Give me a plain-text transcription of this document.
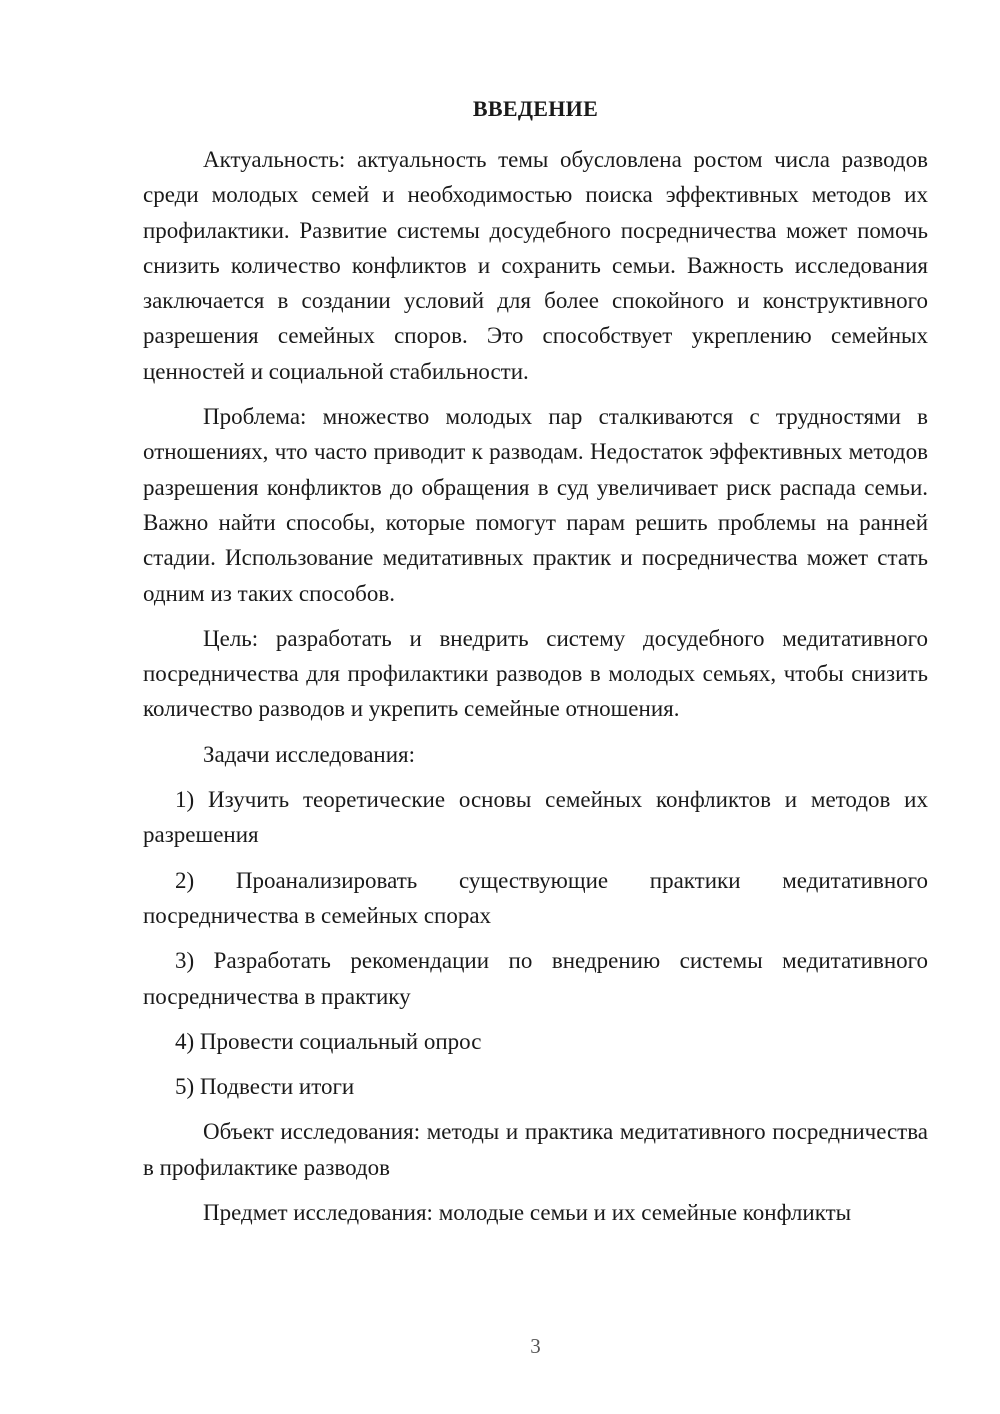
ВВЕДЕНИЕ

Актуальность: актуальность темы обусловлена ростом числа разводов среди молодых семей и необходимостью поиска эффективных методов их профилактики. Развитие системы досудебного посредничества может помочь снизить количество конфликтов и сохранить семьи. Важность исследования заключается в создании условий для более спокойного и конструктивного разрешения семейных споров. Это способствует укреплению семейных ценностей и социальной стабильности.

Проблема: множество молодых пар сталкиваются с трудностями в отношениях, что часто приводит к разводам. Недостаток эффективных методов разрешения конфликтов до обращения в суд увеличивает риск распада семьи. Важно найти способы, которые помогут парам решить проблемы на ранней стадии. Использование медитативных практик и посредничества может стать одним из таких способов.

Цель: разработать и внедрить систему досудебного медитативного посредничества для профилактики разводов в молодых семьях, чтобы снизить количество разводов и укрепить семейные отношения.

Задачи исследования:

1) Изучить теоретические основы семейных конфликтов и методов их разрешения

2) Проанализировать существующие практики медитативного посредничества в семейных спорах

3) Разработать рекомендации по внедрению системы медитативного посредничества в практику

4) Провести социальный опрос

5) Подвести итоги

Объект исследования: методы и практика медитативного посредничества в профилактике разводов

Предмет исследования: молодые семьи и их семейные конфликты

3
